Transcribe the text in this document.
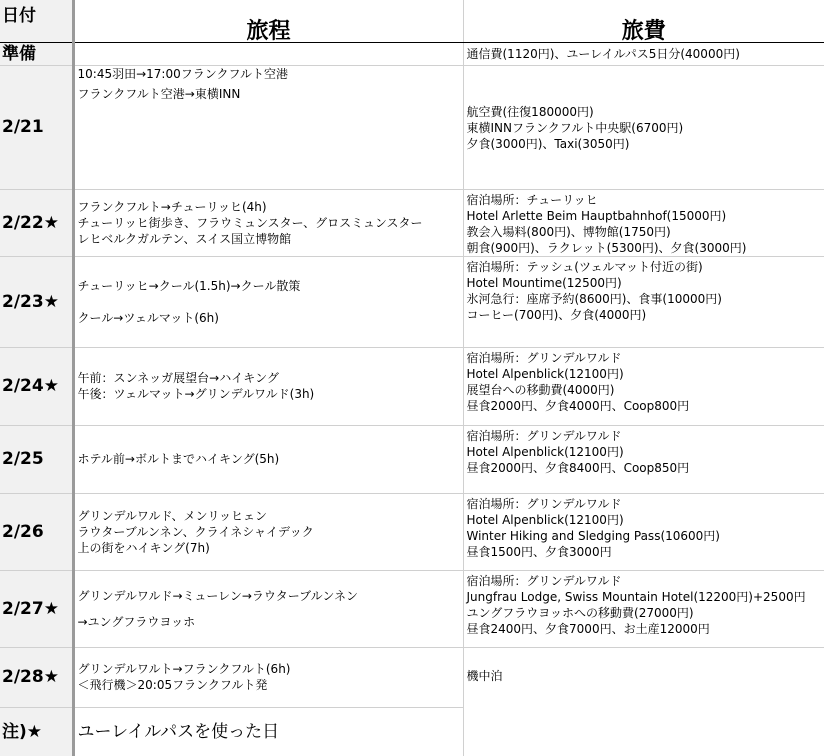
日付	旅程	旅費
準備		通信費(1120円)、ユーレイルパス5日分(40000円)

2/21	10:45羽田→17:00フランクフルト空港
フランクフルト空港→東横INN	航空費(往復180000円)
東横INNフランクフルト中央駅(6700円)
夕食(3000円)、Taxi(3050円)

2/22★	フランクフルト→チューリッヒ(4h)
チューリッヒ街歩き、フラウミュンスター、グロスミュンスター
レヒベルクガルテン、スイス国立博物館	宿泊場所：チューリッヒ
Hotel Arlette Beim Hauptbahnhof(15000円)
教会入場料(800円)、博物館(1750円)
朝食(900円)、ラクレット(5300円)、夕食(3000円)

2/23★	チューリッヒ→クール(1.5h)→クール散策
クール→ツェルマット(6h)	宿泊場所：テッシュ(ツェルマット付近の街)
Hotel Mountime(12500円)
氷河急行：座席予約(8600円)、食事(10000円)
コーヒー(700円)、夕食(4000円)

2/24★	午前：スンネッガ展望台→ハイキング
午後：ツェルマット→グリンデルワルド(3h)	宿泊場所：グリンデルワルド
Hotel Alpenblick(12100円)
展望台への移動費(4000円)
昼食2000円、夕食4000円、Coop800円

2/25	ホテル前→ボルトまでハイキング(5h)	宿泊場所：グリンデルワルド
Hotel Alpenblick(12100円)
昼食2000円、夕食8400円、Coop850円

2/26	グリンデルワルド、メンリッヒェン
ラウターブルンネン、クライネシャイデック
上の街をハイキング(7h)	宿泊場所：グリンデルワルド
Hotel Alpenblick(12100円)
Winter Hiking and Sledging Pass(10600円)
昼食1500円、夕食3000円

2/27★	グリンデルワルド→ミューレン→ラウターブルンネン
→ユングフラウヨッホ	宿泊場所：グリンデルワルド
Jungfrau Lodge, Swiss Mountain Hotel(12200円)+2500円
ユングフラウヨッホへの移動費(27000円)
昼食2400円、夕食7000円、お土産12000円

2/28★	グリンデルワルト→フランクフルト(6h)
＜飛行機＞20:05フランクフルト発	機中泊

注)★	ユーレイルパスを使った日	
